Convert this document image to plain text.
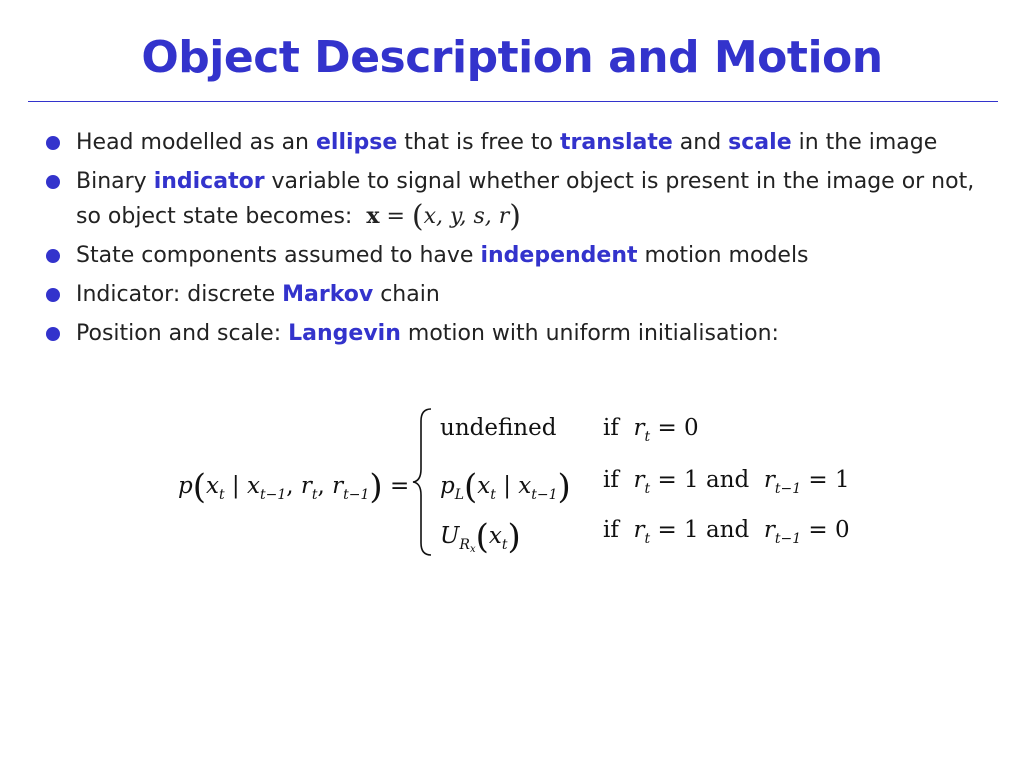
Object Description and Motion
Head modelled as an ellipse that is free to translate and scale in the image
Binary indicator variable to signal whether object is present in the image or not, so object state becomes: x = (x, y, s, r)
State components assumed to have independent motion models
Indicator: discrete Markov chain
Position and scale: Langevin motion with uniform initialisation:
$p(x_t$ | $x_{t-1}$, $r_t$, $r_{t-1}$) =
undefined if $r_t = 0$
$p_L(x_t$ | $x_{t-1}$) if $r_t = 1$ and $r_{t-1} = 1$
$U_{R_x}(x_t)$	if $r_t = 1$ and $r_{t-1} = 0$
